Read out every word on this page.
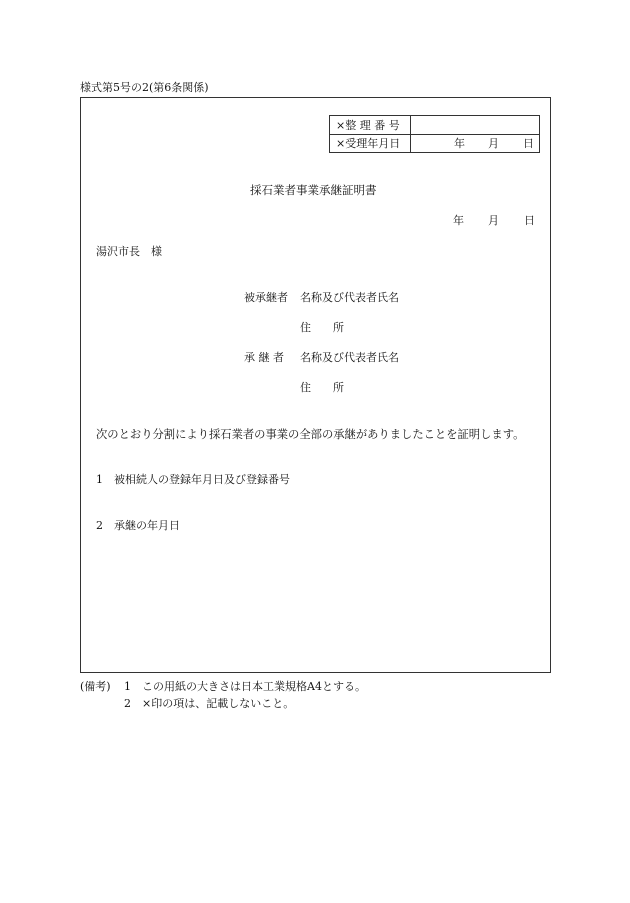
様式第5号の2(第6条関係)
×整 理 番 号
×受理年月日	年 月 日
採石業者事業承継証明書
年 月 日
湯沢市長　様
被承継者 名称及び代表者氏名
住　　所
承 継 者 名称及び代表者氏名
住　　所
次のとおり分割により採石業者の事業の全部の承継がありましたことを証明します。
1 被相続人の登録年月日及び登録番号
2 承継の年月日
(備考) 1 この用紙の大きさは日本工業規格A4とする。
2 ×印の項は、記載しないこと。
